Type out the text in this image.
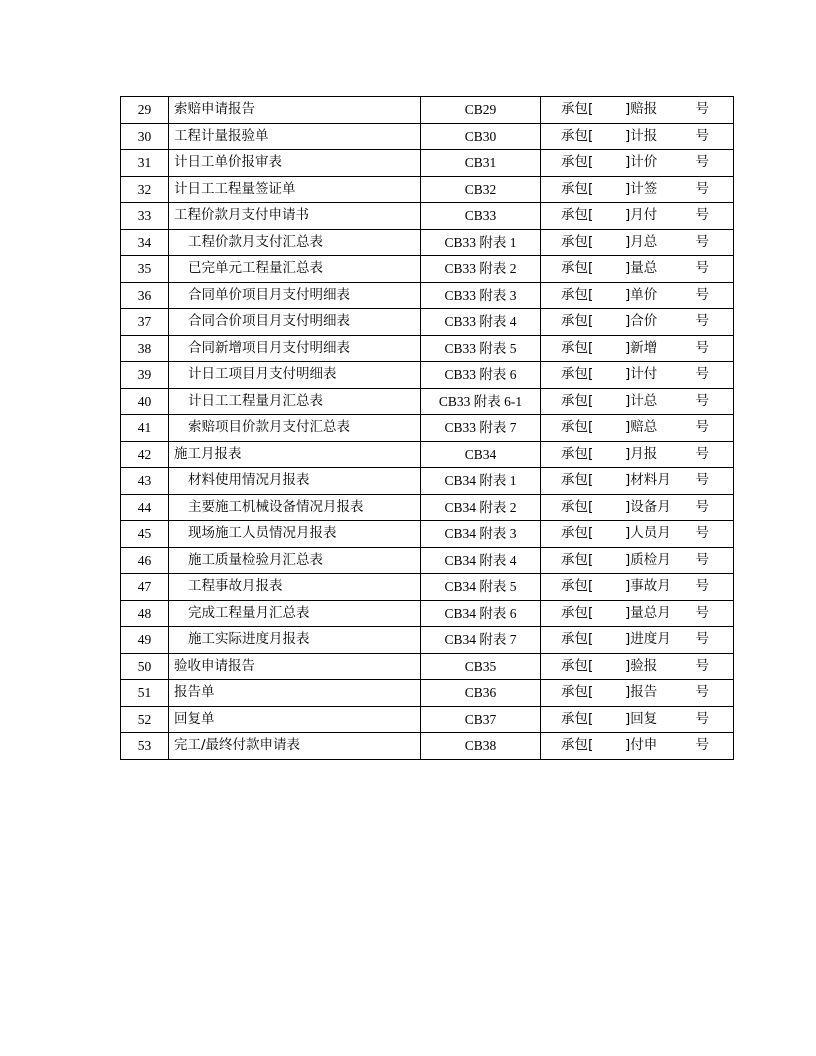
29	索赔申请报告	CB29	承包[ ]赔报 号

30	工程计量报验单	CB30	承包[ ]计报 号

31	计日工单价报审表	CB31	承包[ ]计价 号

32	计日工工程量签证单	CB32	承包[ ]计签 号

33	工程价款月支付申请书	CB33	承包[ ]月付 号

34	工程价款月支付汇总表	CB33 附表 1	承包[ ]月总 号

35	已完单元工程量汇总表	CB33 附表 2	承包[ ]量总 号

36	合同单价项目月支付明细表	CB33 附表 3	承包[ ]单价 号

37	合同合价项目月支付明细表	CB33 附表 4	承包[ ]合价 号

38	合同新增项目月支付明细表	CB33 附表 5	承包[ ]新增 号

39	计日工项目月支付明细表	CB33 附表 6	承包[ ]计付 号

40	计日工工程量月汇总表	CB33 附表 6-1	承包[ ]计总 号

41	索赔项目价款月支付汇总表	CB33 附表 7	承包[ ]赔总 号

42	施工月报表	CB34	承包[ ]月报 号

43	材料使用情况月报表	CB34 附表 1	承包[ ]材料月 号

44	主要施工机械设备情况月报表	CB34 附表 2	承包[ ]设备月 号

45	现场施工人员情况月报表	CB34 附表 3	承包[ ]人员月 号

46	施工质量检验月汇总表	CB34 附表 4	承包[ ]质检月 号

47	工程事故月报表	CB34 附表 5	承包[ ]事故月 号

48	完成工程量月汇总表	CB34 附表 6	承包[ ]量总月 号

49	施工实际进度月报表	CB34 附表 7	承包[ ]进度月 号

50	验收申请报告	CB35	承包[ ]验报 号

51	报告单	CB36	承包[ ]报告 号

52	回复单	CB37	承包[ ]回复 号

53	完工/最终付款申请表	CB38	承包[ ]付申 号
